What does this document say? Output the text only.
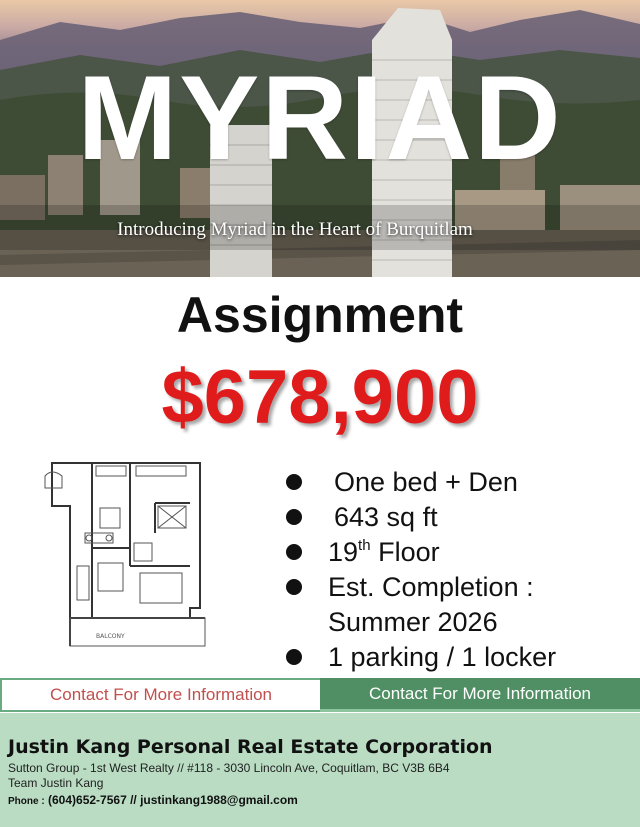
MYRIAD
Introducing Myriad in the Heart of Burquitlam
Assignment
$678,900
BALCONY
One bed + Den
643 sq ft
19th Floor
Est. Completion :
Summer 2026
1 parking / 1 locker
Contact For More Information	Contact For More Information
Justin Kang Personal Real Estate Corporation
Sutton Group - 1st West Realty // #118 - 3030 Lincoln Ave, Coquitlam, BC V3B 6B4
Team Justin Kang
Phone : (604)652-7567 // justinkang1988@gmail.com
